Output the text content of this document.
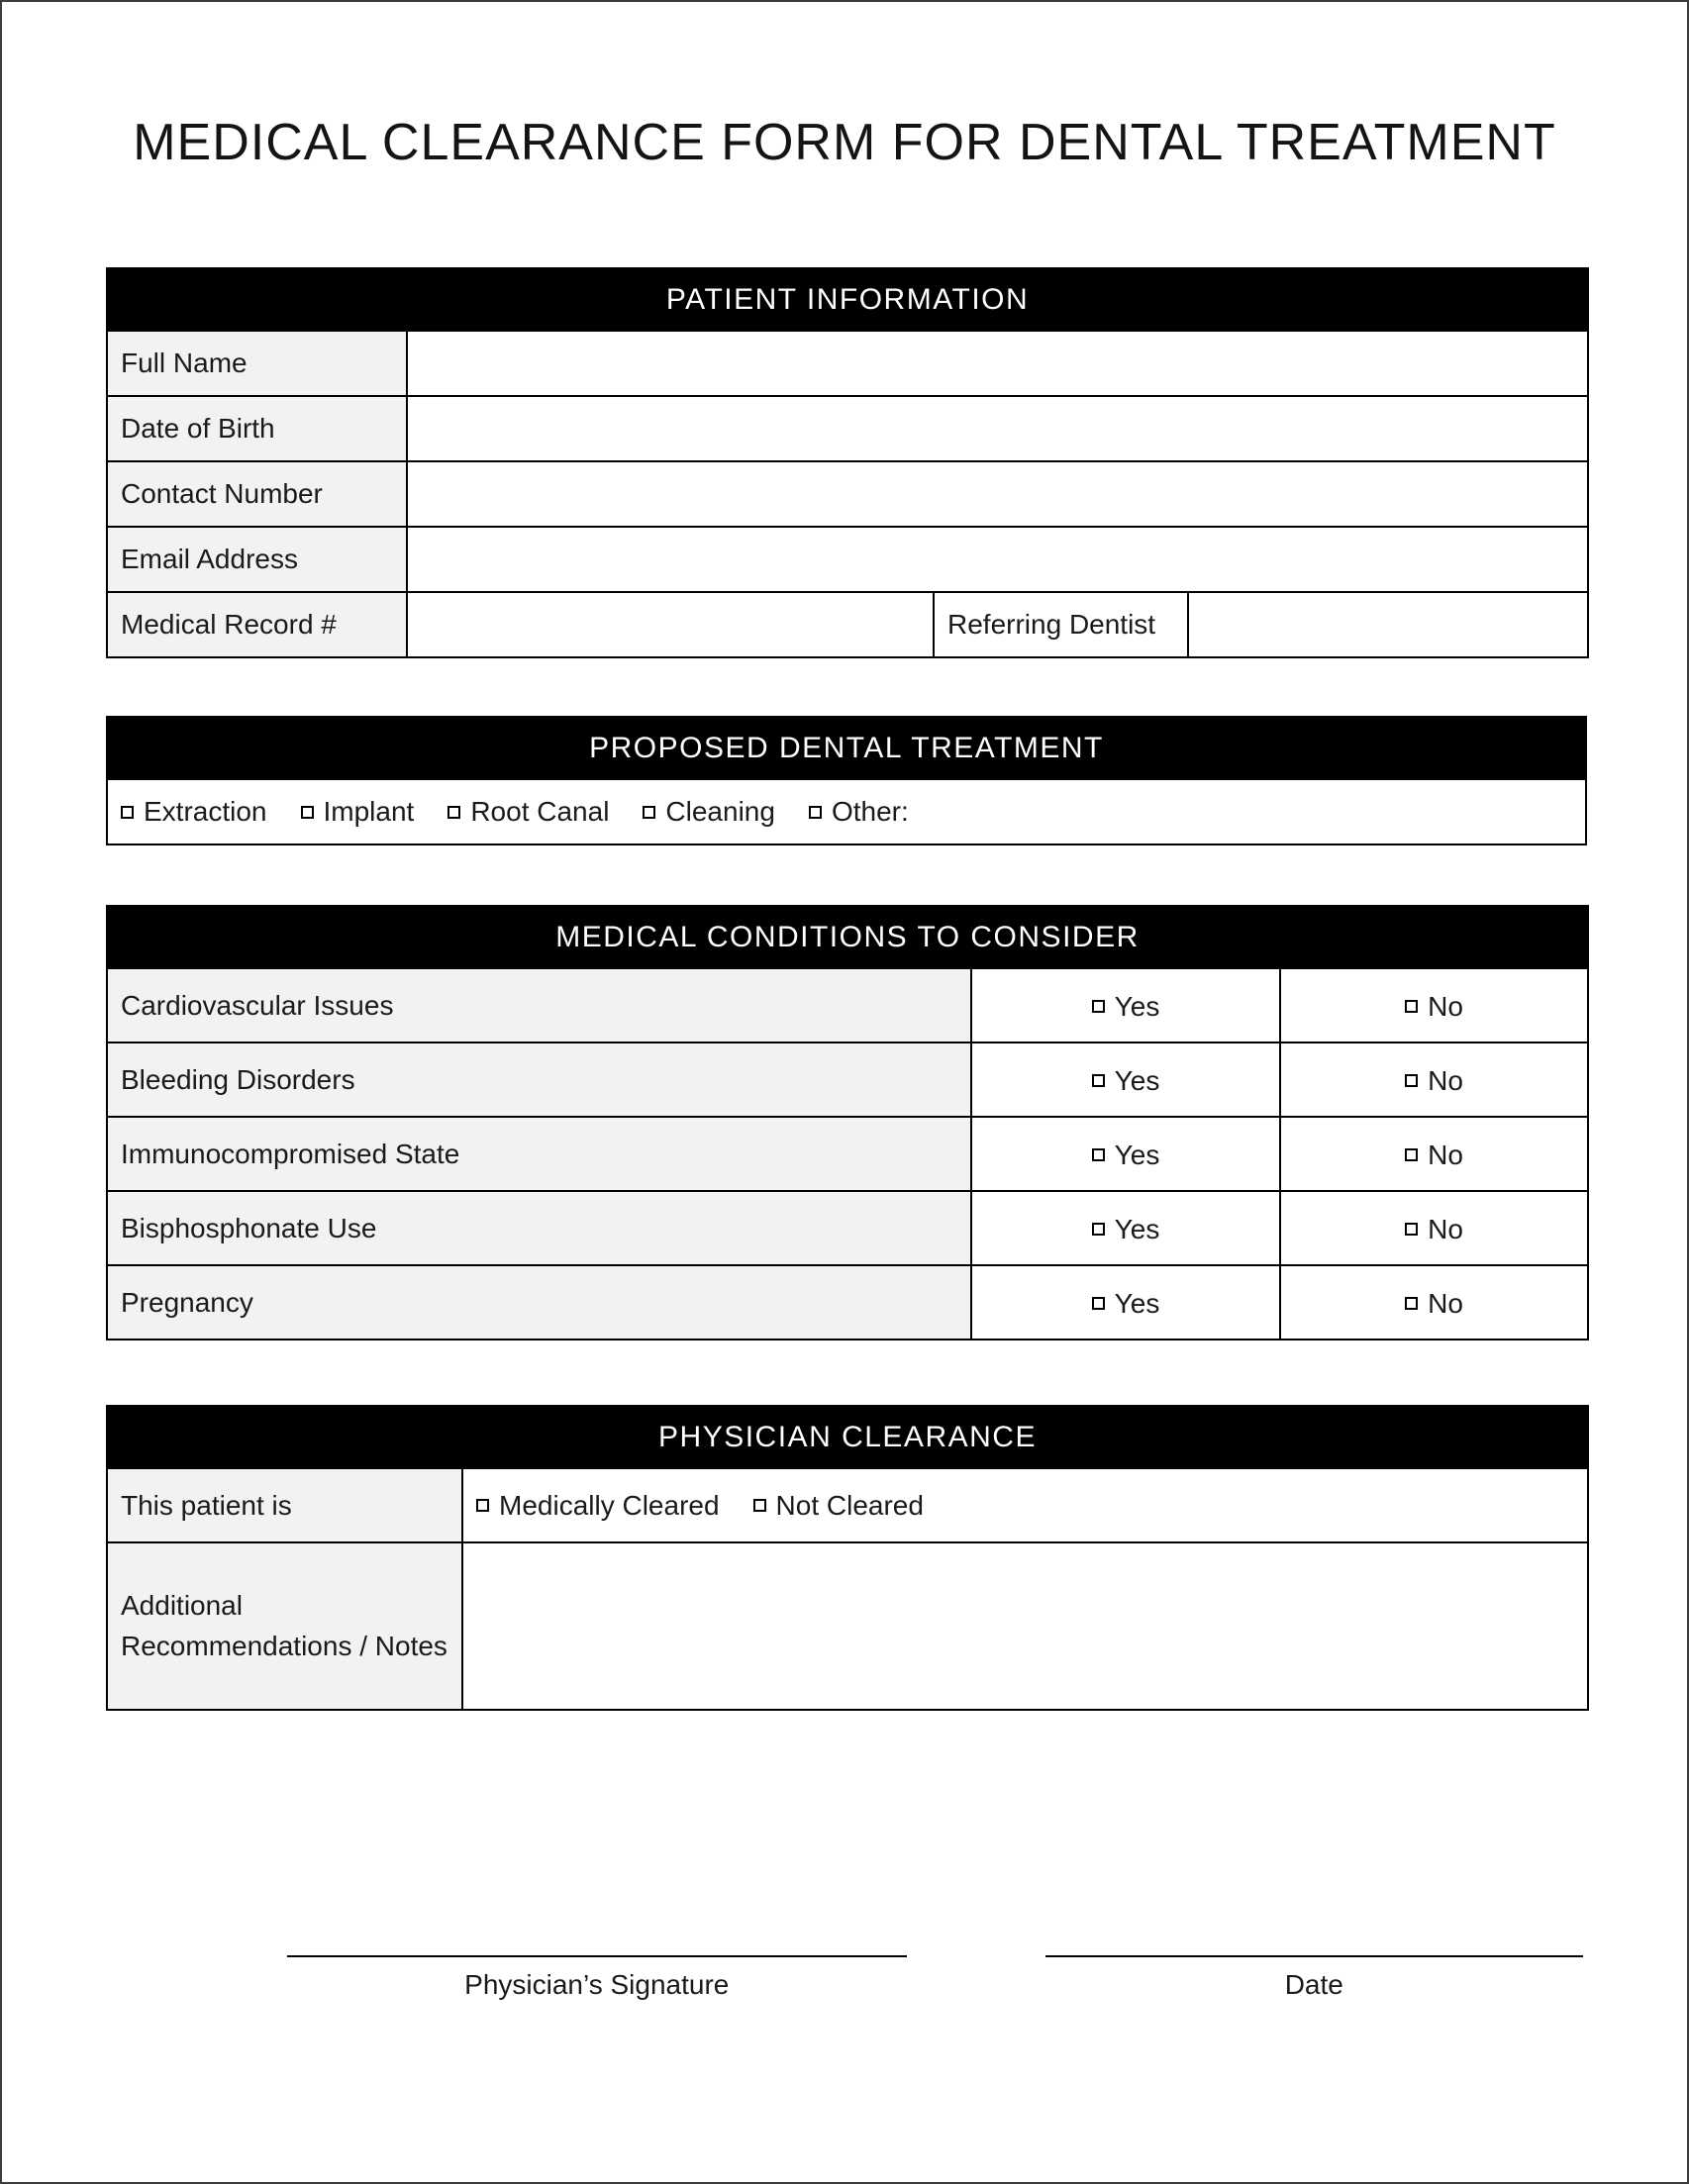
MEDICAL CLEARANCE FORM FOR DENTAL TREATMENT
PATIENT INFORMATION			
Full Name			
Date of Birth			
Contact Number			
Email Address			
Medical Record #		Referring Dentist	
PROPOSED DENTAL TREATMENT

Extraction Implant Root Canal Cleaning Other:
MEDICAL CONDITIONS TO CONSIDER		
Cardiovascular Issues	Yes	No

Bleeding Disorders	Yes	No

Immunocompromised State	Yes	No

Bisphosphonate Use	Yes	No

Pregnancy	Yes	No
PHYSICIAN CLEARANCE	
This patient is	Medically Cleared Not Cleared

Additional Recommendations / Notes	
Physician’s Signature	Date
